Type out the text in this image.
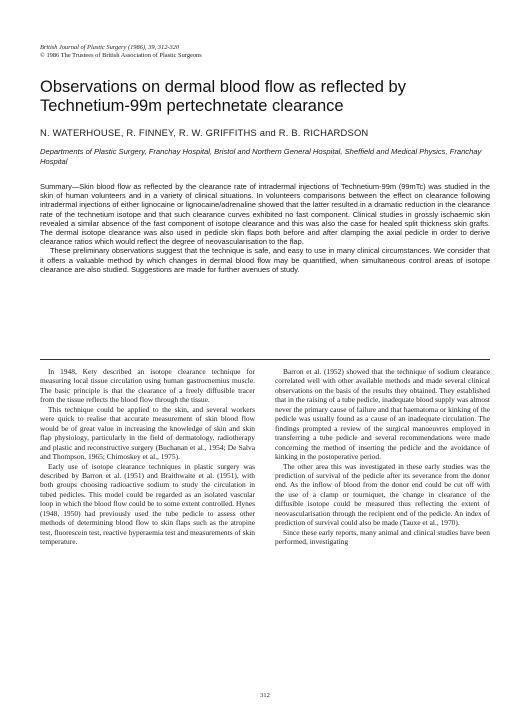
British Journal of Plastic Surgery (1986), 39, 312-320
© 1986 The Trustees of British Association of Plastic Surgeons
Observations on dermal blood flow as reflected by Technetium-99m pertechnetate clearance
N. WATERHOUSE, R. FINNEY, R. W. GRIFFITHS and R. B. RICHARDSON
Departments of Plastic Surgery, Franchay Hospital, Bristol and Northern General Hospital, Sheffield and Medical Physics, Franchay Hospital

Summary—Skin blood flow as reflected by the clearance rate of intradermal injections of Technetium-99m (99mTc) was studied in the skin of human volunteers and in a variety of clinical situations. In volunteers comparisons between the effect on clearance following intradermal injections of either lignocaine or lignocaine/adrenaline showed that the latter resulted in a dramatic reduction in the clearance rate of the technetium isotope and that such clearance curves exhibited no fast component. Clinical studies in grossly ischaemic skin revealed a similar absence of the fast component of isotope clearance and this was also the case for healed split thickness skin grafts. The dermal isotope clearance was also used in pedicle skin flaps both before and after clamping the axial pedicle in order to derive clearance ratios which would reflect the degree of neovascularisation to the flap.

These preliminary observations suggest that the technique is safe, and easy to use in many clinical circumstances. We consider that it offers a valuable method by which changes in dermal blood flow may be quantified, when simultaneous control areas of isotope clearance are also studied. Suggestions are made for further avenues of study.

In 1948, Kety described an isotope clearance technique for measuring local tissue circulation using human gastrocnemius muscle. The basic principle is that the clearance of a freely diffusible tracer from the tissue reflects the blood flow through the tissue.

This technique could be applied to the skin, and several workers were quick to realise that accurate measurement of skin blood flow would be of great value in increasing the knowledge of skin and skin flap physiology, particularly in the field of dermatology, radiotherapy and plastic and reconstructive surgery (Buchanan et al., 1954; De Salva and Thompson, 1965; Chimoskey et al., 1975).

Early use of isotope clearance techniques in plastic surgery was described by Barron et al. (1951) and Braithwaite et al. (1951), with both groups choosing radioactive sodium to study the circulation in tubed pedicles. This model could be regarded as an isolated vascular loop in which the blood flow could be to some extent controlled. Hynes (1948, 1950) had previously used the tube pedicle to assess other methods of determining blood flow to skin flaps such as the atropine test, fluorescein test, reactive hyperaemia test and measurements of skin temperature.

Barron et al. (1952) showed that the technique of sodium clearance correlated well with other available methods and made several clinical observations on the basis of the results they obtained. They established that in the raising of a tube pedicle, inadequate blood supply was almost never the primary cause of failure and that haematoma or kinking of the pedicle was usually found as a cause of an inadequate circulation. The findings prompted a review of the surgical manoeuvres employed in transferring a tube pedicle and several recommendations were made concerning the method of inserting the pedicle and the avoidance of kinking in the postoperative period.

The other area this was investigated in these early studies was the prediction of survival of the pedicle after its severance from the donor end. As the inflow of blood from the donor end could be cut off with the use of a clamp or tourniquet, the change in clearance of the diffusible isotope could be measured thus reflecting the extent of neovascularisation through the recipient end of the pedicle. An index of prediction of survival could also be made (Tauxe et al., 1970).

Since these early reports, many animal and clinical studies have been performed, investigating

312
